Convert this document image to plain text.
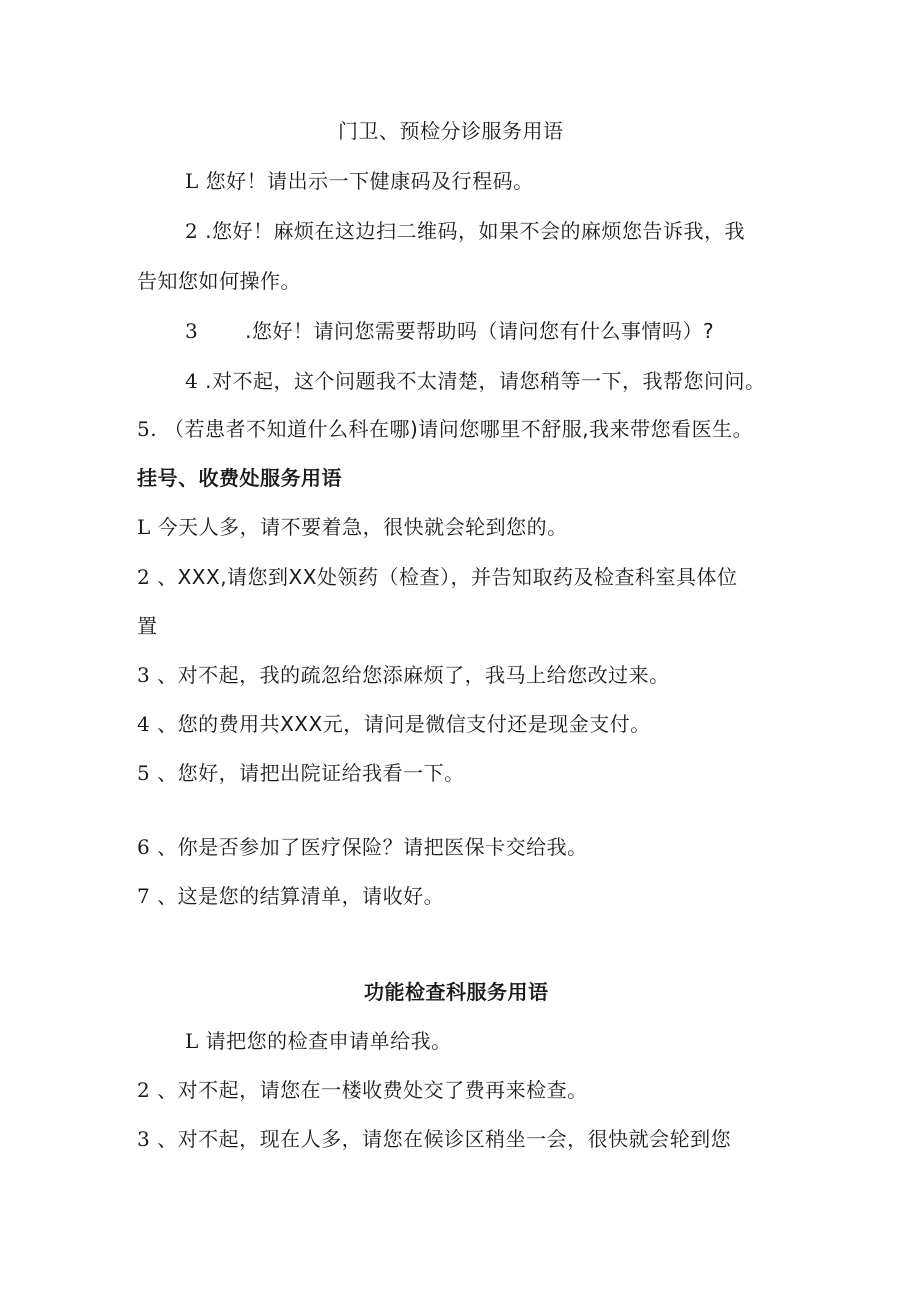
门卫、预检分诊服务用语
L 您好！请出示一下健康码及行程码。
2 .您好！麻烦在这边扫二维码，如果不会的麻烦您告诉我，我
告知您如何操作。
3 .您好！请问您需要帮助吗（请问您有什么事情吗）?
4 .对不起，这个问题我不太清楚，请您稍等一下，我帮您问问。
5. （若患者不知道什么科在哪)请问您哪里不舒服,我来带您看医生。
挂号、收费处服务用语
L 今天人多，请不要着急，很快就会轮到您的。
2 、XXX,请您到XX处领药（检查），并告知取药及检查科室具体位
置
3 、对不起，我的疏忽给您添麻烦了，我马上给您改过来。
4 、您的费用共XXX元，请问是微信支付还是现金支付。
5 、您好，请把出院证给我看一下。
6 、你是否参加了医疗保险？请把医保卡交给我。
7 、这是您的结算清单，请收好。
功能检查科服务用语
L 请把您的检查申请单给我。
2 、对不起，请您在一楼收费处交了费再来检查。
3 、对不起，现在人多，请您在候诊区稍坐一会，很快就会轮到您
